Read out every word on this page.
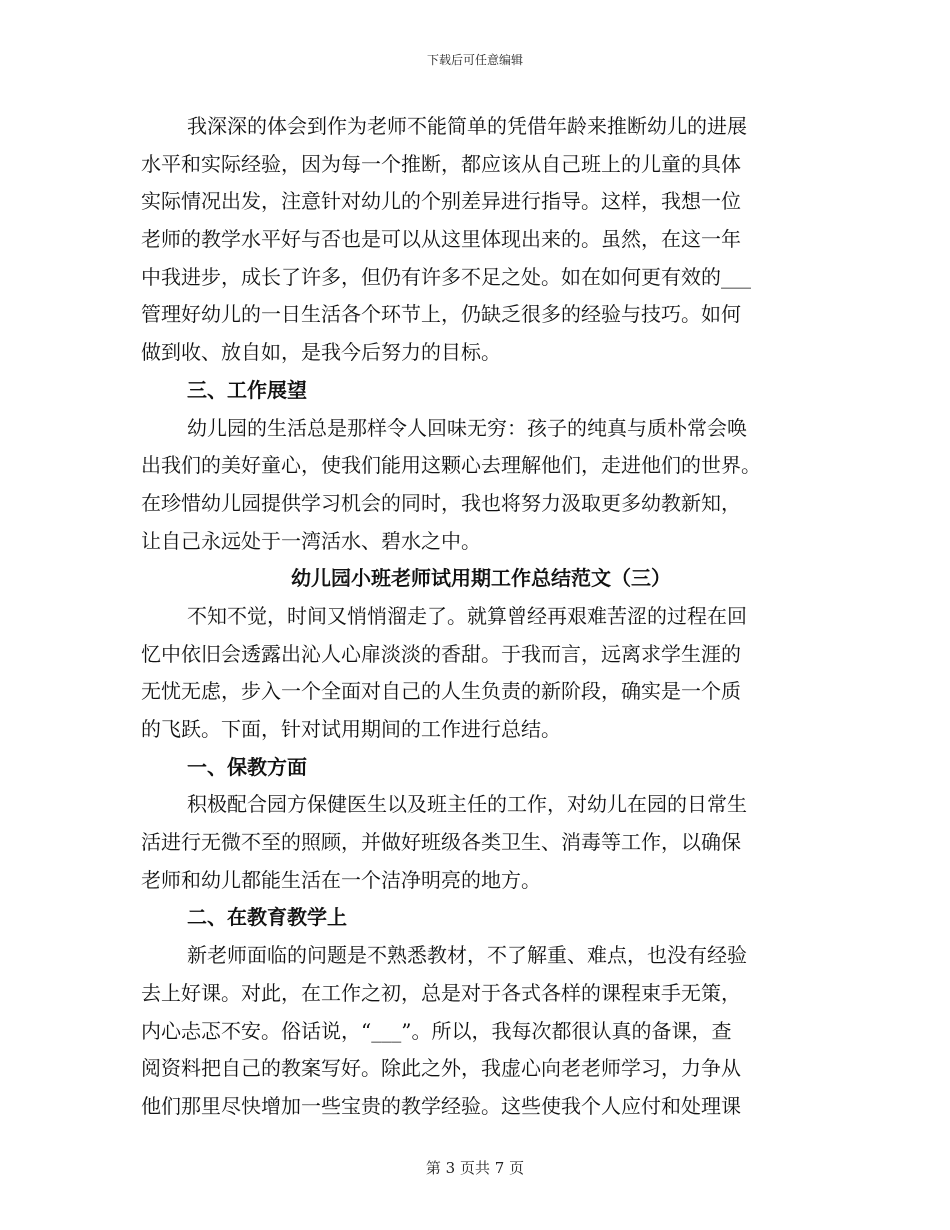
下载后可任意编辑
我深深的体会到作为老师不能简单的凭借年龄来推断幼儿的进展
水平和实际经验，因为每一个推断，都应该从自己班上的儿童的具体
实际情况出发，注意针对幼儿的个别差异进行指导。这样，我想一位
老师的教学水平好与否也是可以从这里体现出来的。虽然，在这一年
中我进步，成长了许多，但仍有许多不足之处。如在如何更有效的___
管理好幼儿的一日生活各个环节上，仍缺乏很多的经验与技巧。如何
做到收、放自如，是我今后努力的目标。
三、工作展望
幼儿园的生活总是那样令人回味无穷：孩子的纯真与质朴常会唤
出我们的美好童心，使我们能用这颗心去理解他们，走进他们的世界。
在珍惜幼儿园提供学习机会的同时，我也将努力汲取更多幼教新知，
让自己永远处于一湾活水、碧水之中。
幼儿园小班老师试用期工作总结范文（三）
不知不觉，时间又悄悄溜走了。就算曾经再艰难苦涩的过程在回
忆中依旧会透露出沁人心扉淡淡的香甜。于我而言，远离求学生涯的
无忧无虑，步入一个全面对自己的人生负责的新阶段，确实是一个质
的飞跃。下面，针对试用期间的工作进行总结。
一、保教方面
积极配合园方保健医生以及班主任的工作，对幼儿在园的日常生
活进行无微不至的照顾，并做好班级各类卫生、消毒等工作，以确保
老师和幼儿都能生活在一个洁净明亮的地方。
二、在教育教学上
新老师面临的问题是不熟悉教材，不了解重、难点，也没有经验
去上好课。对此，在工作之初，总是对于各式各样的课程束手无策，
内心忐忑不安。俗话说，“___”。所以，我每次都很认真的备课，查
阅资料把自己的教案写好。除此之外，我虚心向老老师学习，力争从
他们那里尽快增加一些宝贵的教学经验。这些使我个人应付和处理课
第 3 页共 7 页
